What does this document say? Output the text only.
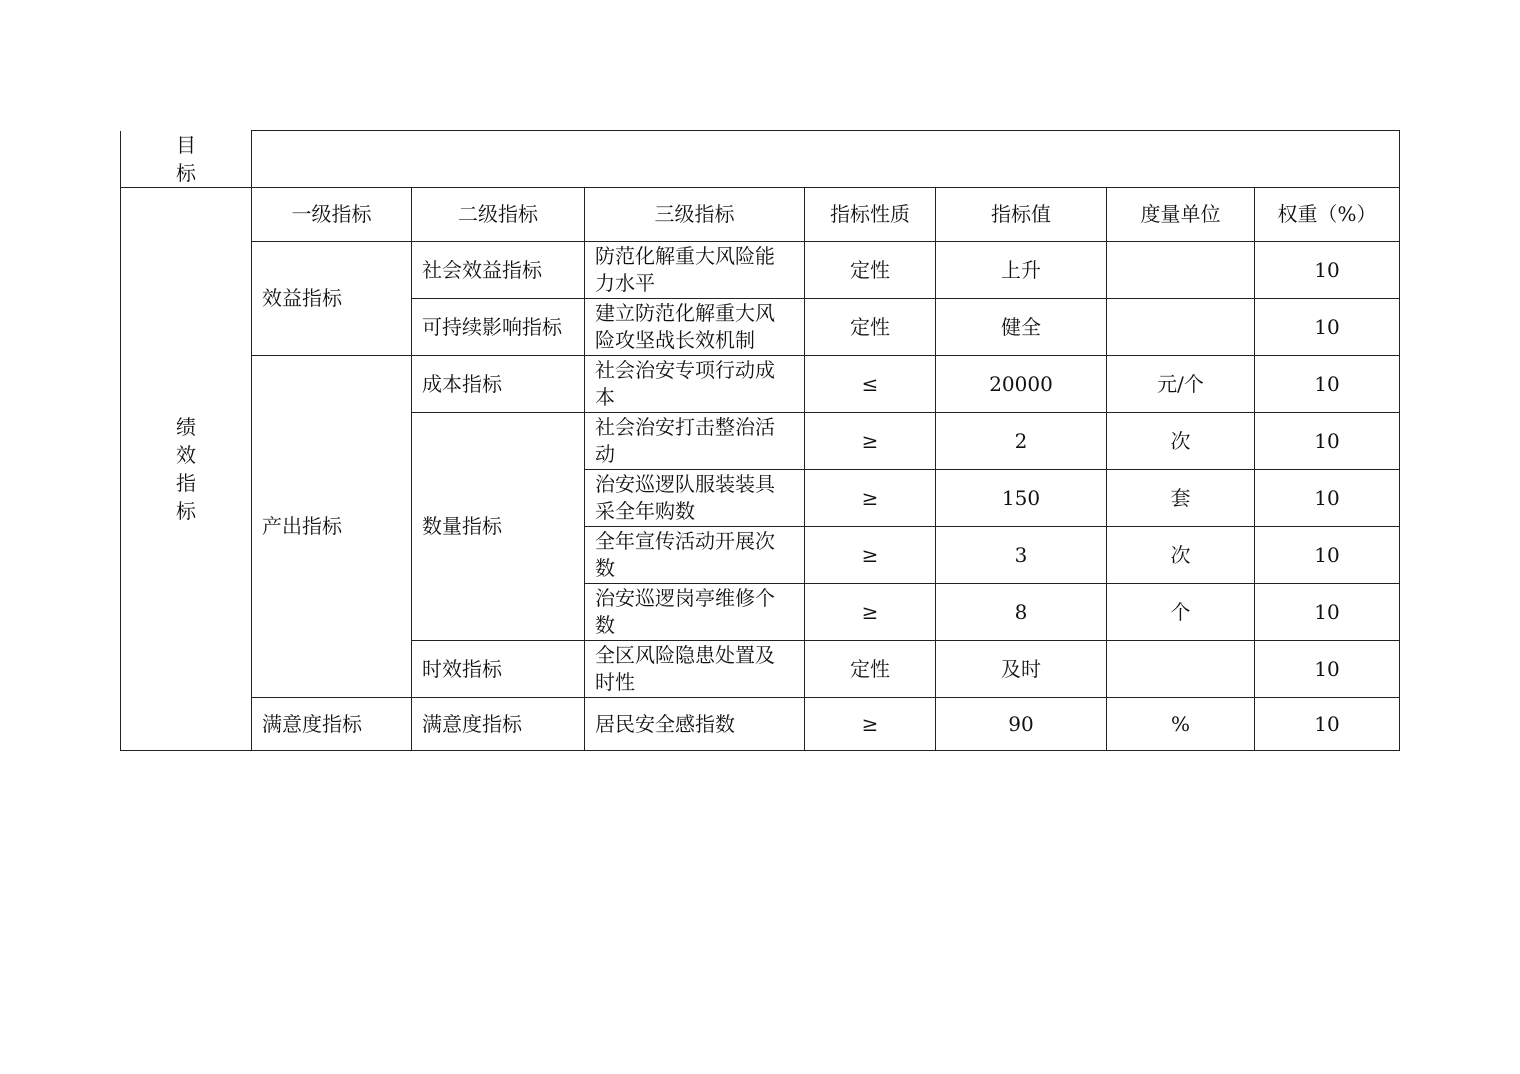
目
标							

绩
效
指
标	一级指标	二级指标	三级指标	指标性质	指标值	度量单位	权重（%）
	效益指标	社会效益指标	防范化解重大风险能力水平	定性	上升		10
		可持续影响指标	建立防范化解重大风险攻坚战长效机制	定性	健全		10
	产出指标	成本指标	社会治安专项行动成本	≤	20000	元/个	10
		数量指标	社会治安打击整治活动	≥	2	次	10
			治安巡逻队服装装具采全年购数	≥	150	套	10
			全年宣传活动开展次数	≥	3	次	10
			治安巡逻岗亭维修个数	≥	8	个	10
		时效指标	全区风险隐患处置及时性	定性	及时		10
	满意度指标	满意度指标	居民安全感指数	≥	90	%	10
